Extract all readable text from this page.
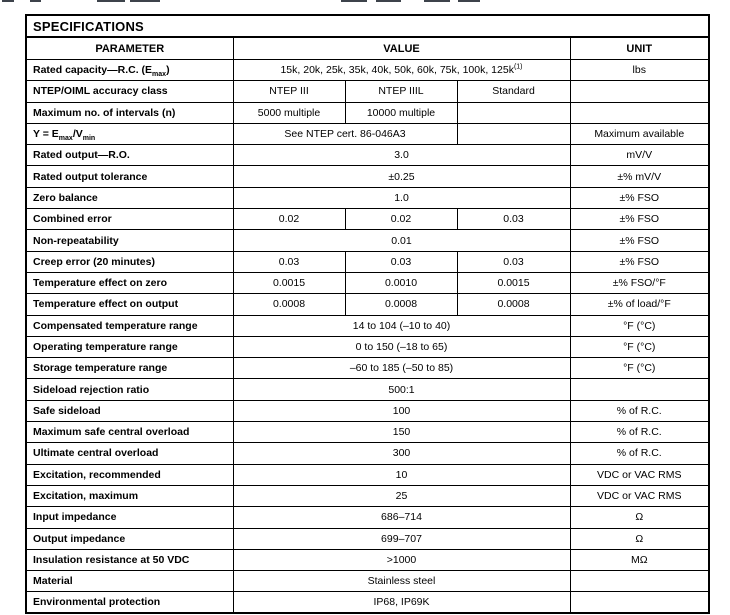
SPECIFICATIONS				
PARAMETER	VALUE			UNIT
Rated capacity—R.C. $(E_{max})$	15k, 20k, 25k, 35k, 40k, 50k, 60k, 75k, 100k, $125k^{(1)}$			lbs
NTEP/OIML accuracy class	NTEP III	NTEP IIIL	Standard	
Maximum no. of intervals (n)	5000 multiple	10000 multiple		
$Y = E_{max}/V_{min}$	See NTEP cert. 86-046A3			Maximum available
Rated output—R.O.	3.0			mV/V
Rated output tolerance	±0.25			±% mV/V
Zero balance	1.0			±% FSO
Combined error	0.02	0.02	0.03	±% FSO
Non-repeatability	0.01			±% FSO
Creep error (20 minutes)	0.03	0.03	0.03	±% FSO
Temperature effect on zero	0.0015	0.0010	0.0015	±% FSO/°F
Temperature effect on output	0.0008	0.0008	0.0008	±% of load/°F
Compensated temperature range	14 to 104 (–10 to 40)			°F (°C)
Operating temperature range	0 to 150 (–18 to 65)			°F (°C)
Storage temperature range	–60 to 185 (–50 to 85)			°F (°C)
Sideload rejection ratio	500:1			
Safe sideload	100			% of R.C.
Maximum safe central overload	150			% of R.C.
Ultimate central overload	300			% of R.C.
Excitation, recommended	10			VDC or VAC RMS
Excitation, maximum	25			VDC or VAC RMS
Input impedance	686–714			Ω
Output impedance	699–707			Ω
Insulation resistance at 50 VDC	>1000			MΩ
Material	Stainless steel			
Environmental protection	IP68, IP69K			
